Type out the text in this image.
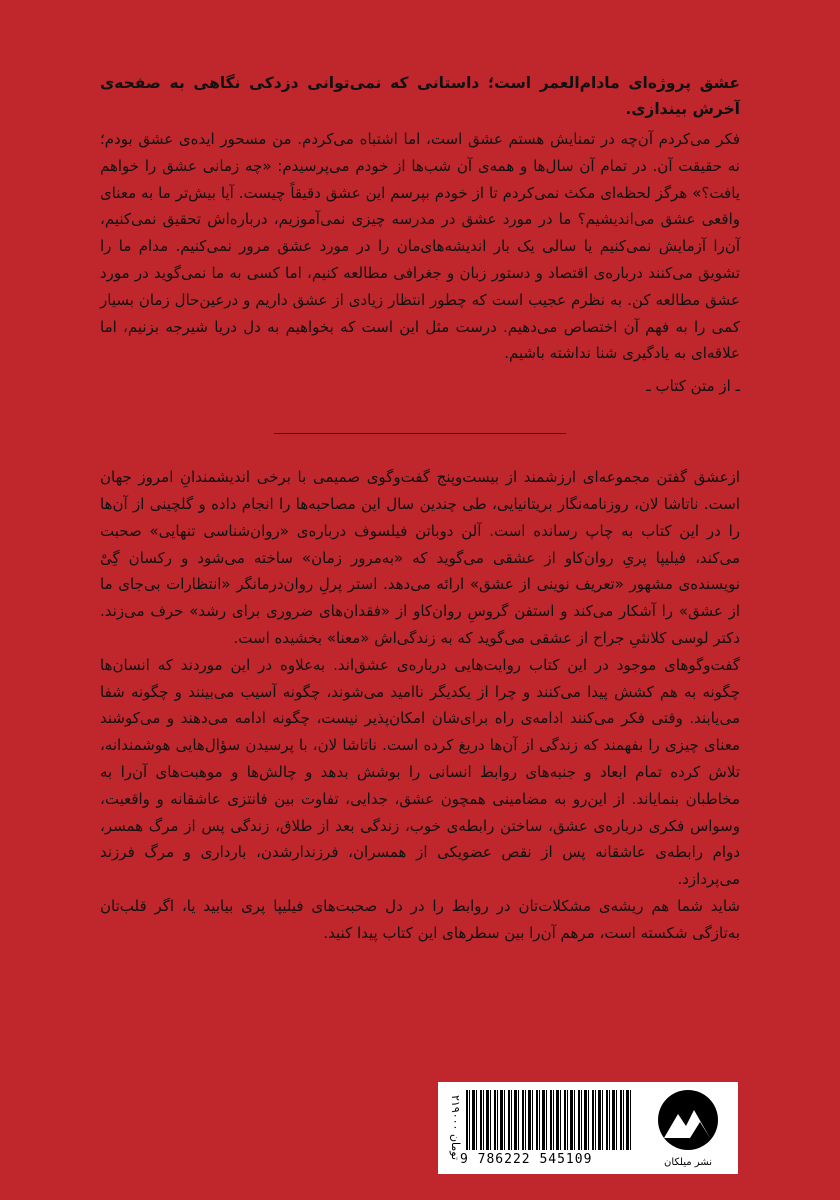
عشق پروژه‌ای مادام‌العمر است؛ داستانی که نمی‌توانی دزدکی نگاهی به صفحه‌ی آخرش بیندازی.

فکر می‌کردم آن‌چه در تمنایش هستم عشق است، اما اشتباه می‌کردم. من مسحور ایده‌ی عشق بودم؛ نه حقیقت آن. در تمام آن سال‌ها و همه‌ی آن شب‌ها از خودم می‌پرسیدم: «چه زمانی عشق را خواهم یافت؟» هرگز لحظه‌ای مکث نمی‌کردم تا از خودم بپرسم این عشق دقیقاً چیست. آیا بیش‌تر ما به معنای واقعی عشق می‌اندیشیم؟ ما در مورد عشق در مدرسه چیزی نمی‌آموزیم، درباره‌اش تحقیق نمی‌کنیم، آن‌را آزمایش نمی‌کنیم یا سالی یک بار اندیشه‌های‌مان را در مورد عشق مرور نمی‌کنیم. مدام ما را تشویق می‌کنند درباره‌ی اقتصاد و دستور زبان و جغرافی مطالعه کنیم، اما کسی به ما نمی‌گوید در مورد عشق مطالعه کن. به نظرم عجیب است که چطور انتظار زیادی از عشق داریم و درعین‌حال زمان بسیار کمی را به فهم آن اختصاص می‌دهیم. درست مثل این است که بخواهیم به دل دریا شیرجه بزنیم، اما علاقه‌ای به یادگیری شنا نداشته باشیم.

ـ از متن کتاب ـ

ازعشق گفتن مجموعه‌ای ارزشمند از بیست‌وپنج گفت‌وگوی صمیمی با برخی اندیشمندانِ امروز جهان است. ناتاشا لان، روزنامه‌نگار بریتانیایی، طی چندین سال این مصاحبه‌ها را انجام داده و گلچینی از آن‌ها را در این کتاب به چاپ رسانده است. آلن دوباتن فیلسوف درباره‌ی «روان‌شناسی تنهایی» صحبت می‌کند، فیلیپا پریِ روان‌کاو از عشقی می‌گوید که «به‌مرور زمان» ساخته می‌شود و رکسان گِیْ نویسنده‌ی مشهور «تعریف نوینی از عشق» ارائه می‌دهد. استر پرلِ روان‌درمانگر «انتظارات بی‌جای ما از عشق» را آشکار می‌کند و استفن گروسِ روان‌کاو از «فقدان‌های ضروری برای رشد» حرف می‌زند. دکتر لوسی کلانثیِ جراح از عشقی می‌گوید که به زندگی‌اش «معنا» بخشیده است.

گفت‌وگوهای موجود در این کتاب روایت‌هایی درباره‌ی عشق‌اند. به‌علاوه در این موردند که انسان‌ها چگونه به هم کشش پیدا می‌کنند و چرا از یکدیگر ناامید می‌شوند، چگونه آسیب می‌بینند و چگونه شفا می‌یابند. وقتی فکر می‌کنند ادامه‌ی راه برای‌شان امکان‌پذیر نیست، چگونه ادامه می‌دهند و می‌کوشند معنای چیزی را بفهمند که زندگی از آن‌ها دریغ کرده است. ناتاشا لان، با پرسیدن سؤال‌هایی هوشمندانه، تلاش کرده تمام ابعاد و جنبه‌های روابط انسانی را بوشش بدهد و چالش‌ها و موهبت‌های آن‌را به مخاطبان بنمایاند. از این‌رو به مضامینی همچون عشق، جدایی، تفاوت بین فانتزی عاشقانه و واقعیت، وسواس فکری درباره‌ی عشق، ساختن رابطه‌ی خوب، زندگی بعد از طلاق، زندگی پس از مرگ همسر، دوام رابطه‌ی عاشقانه پس از نقص عضویکی از همسران، فرزندارشدن، بارداری و مرگ فرزند می‌پردازد.

شاید شما هم ریشه‌ی مشکلات‌تان در روابط را در دل صحبت‌های فیلیپا پری بیابید یا، اگر قلب‌تان به‌تازگی شکسته است، مرهم آن‌را بین سطرهای این کتاب پیدا کنید.

۲۱۹۰۰۰ تومان
9 786222 545109	نشر میلکان
